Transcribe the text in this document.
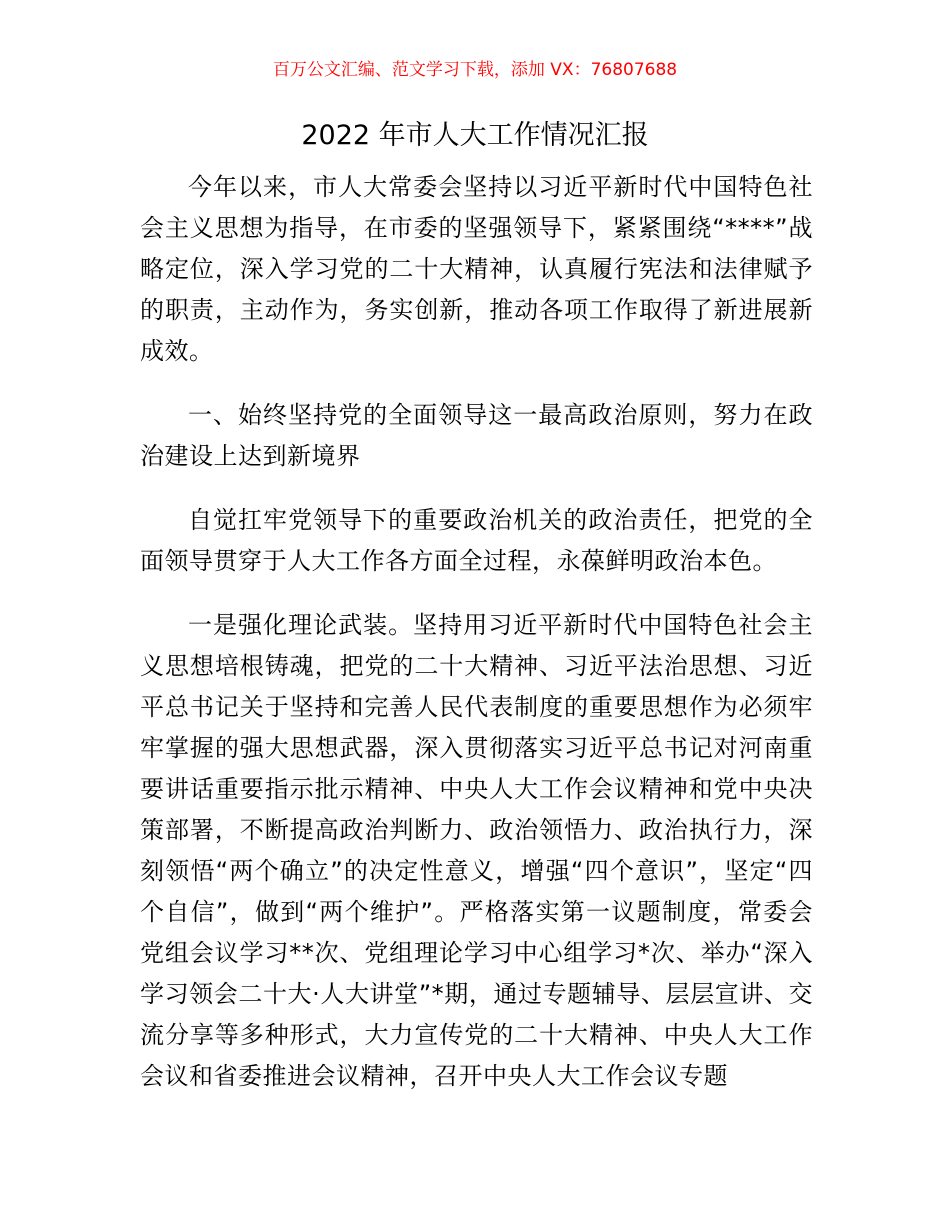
百万公文汇编、范文学习下载，添加 VX：76807688
2022 年市人大工作情况汇报

今年以来，市人大常委会坚持以习近平新时代中国特色社会主义思想为指导，在市委的坚强领导下，紧紧围绕“****”战略定位，深入学习党的二十大精神，认真履行宪法和法律赋予的职责，主动作为，务实创新，推动各项工作取得了新进展新成效。

一、始终坚持党的全面领导这一最高政治原则，努力在政治建设上达到新境界

自觉扛牢党领导下的重要政治机关的政治责任，把党的全面领导贯穿于人大工作各方面全过程，永葆鲜明政治本色。

一是强化理论武装。坚持用习近平新时代中国特色社会主义思想培根铸魂，把党的二十大精神、习近平法治思想、习近平总书记关于坚持和完善人民代表制度的重要思想作为必须牢牢掌握的强大思想武器，深入贯彻落实习近平总书记对河南重要讲话重要指示批示精神、中央人大工作会议精神和党中央决策部署，不断提高政治判断力、政治领悟力、政治执行力，深刻领悟“两个确立”的决定性意义，增强“四个意识”，坚定“四个自信”，做到“两个维护”。严格落实第一议题制度，常委会党组会议学习**次、党组理论学习中心组学习*次、举办“深入学习领会二十大·人大讲堂”*期，通过专题辅导、层层宣讲、交流分享等多种形式，大力宣传党的二十大精神、中央人大工作会议和省委推进会议精神，召开中央人大工作会议专题
